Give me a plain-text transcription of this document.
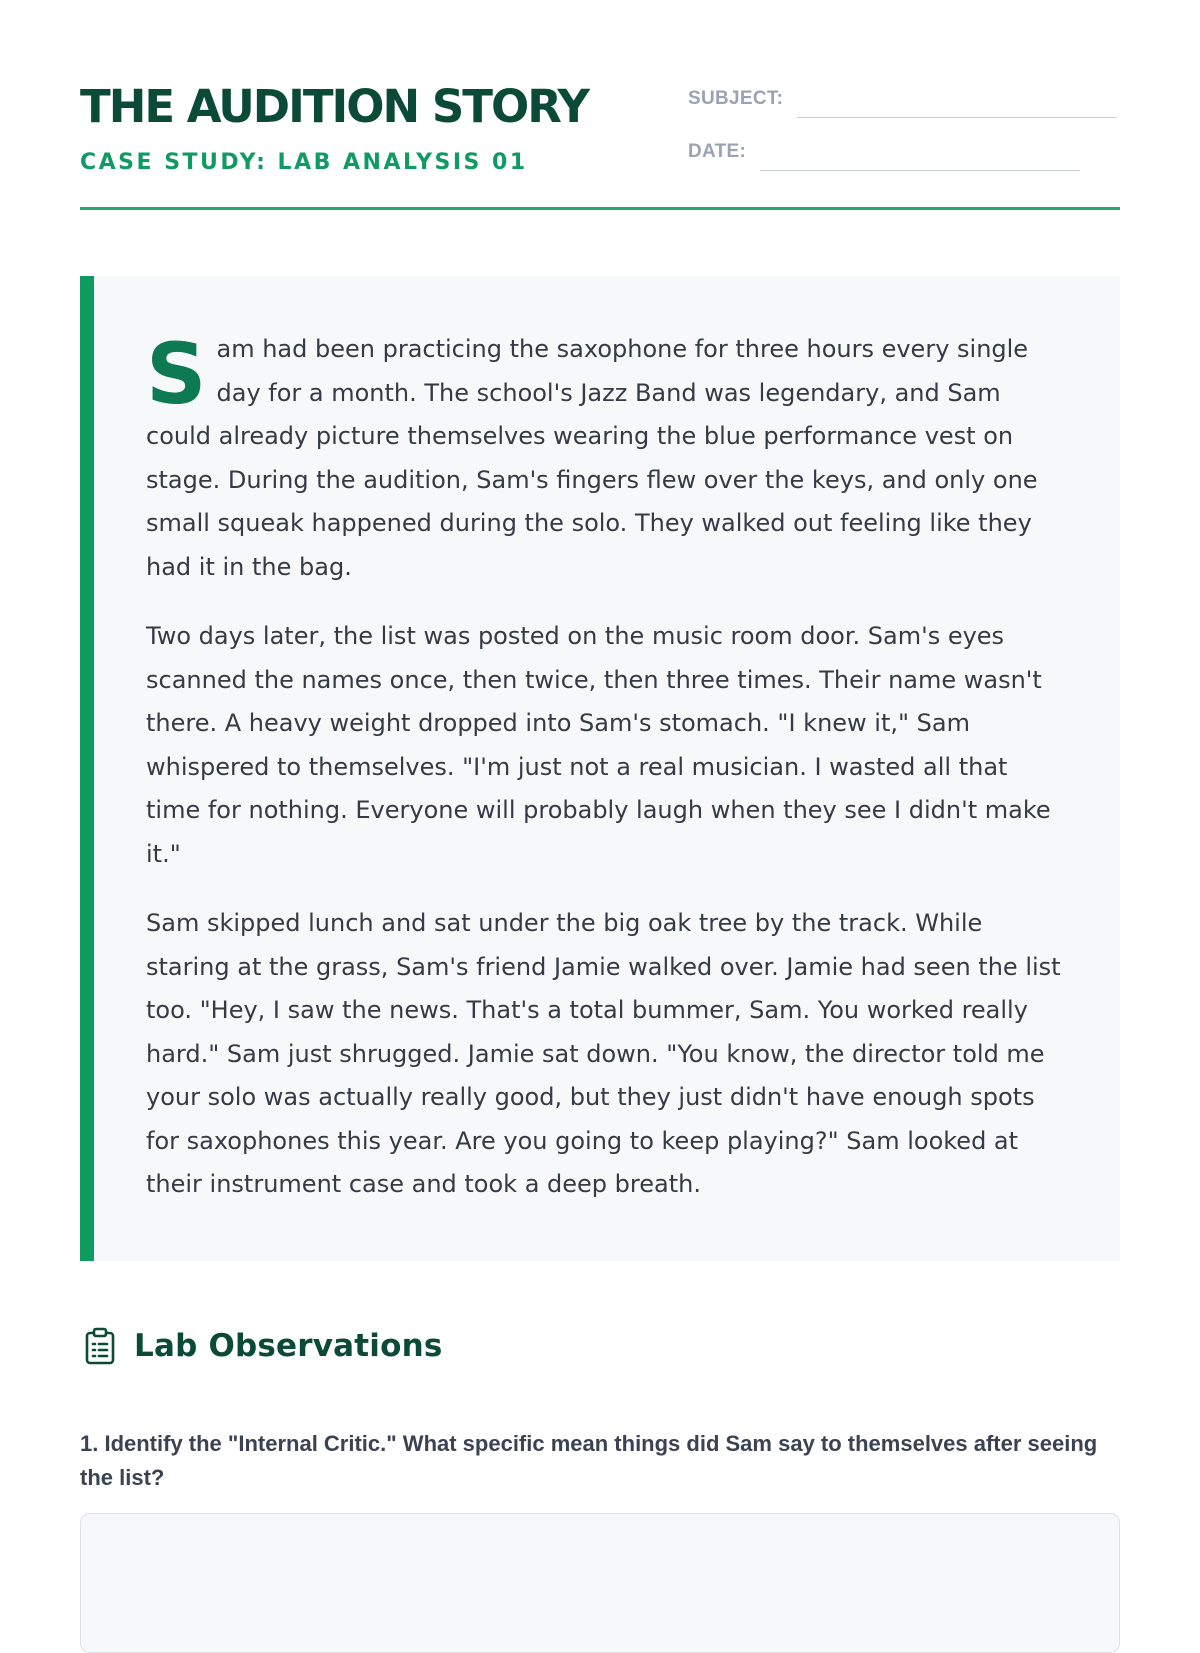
THE AUDITION STORY
CASE STUDY: LAB ANALYSIS 01
SUBJECT:
DATE:

Sam had been practicing the saxophone for three hours every single day for a month. The school's Jazz Band was legendary, and Sam could already picture themselves wearing the blue performance vest on stage. During the audition, Sam's fingers flew over the keys, and only one small squeak happened during the solo. They walked out feeling like they had it in the bag.

Two days later, the list was posted on the music room door. Sam's eyes scanned the names once, then twice, then three times. Their name wasn't there. A heavy weight dropped into Sam's stomach. "I knew it," Sam whispered to themselves. "I'm just not a real musician. I wasted all that time for nothing. Everyone will probably laugh when they see I didn't make it."

Sam skipped lunch and sat under the big oak tree by the track. While staring at the grass, Sam's friend Jamie walked over. Jamie had seen the list too. "Hey, I saw the news. That's a total bummer, Sam. You worked really hard." Sam just shrugged. Jamie sat down. "You know, the director told me your solo was actually really good, but they just didn't have enough spots for saxophones this year. Are you going to keep playing?" Sam looked at their instrument case and took a deep breath.

Lab Observations

1. Identify the "Internal Critic." What specific mean things did Sam say to themselves after seeing the list?
